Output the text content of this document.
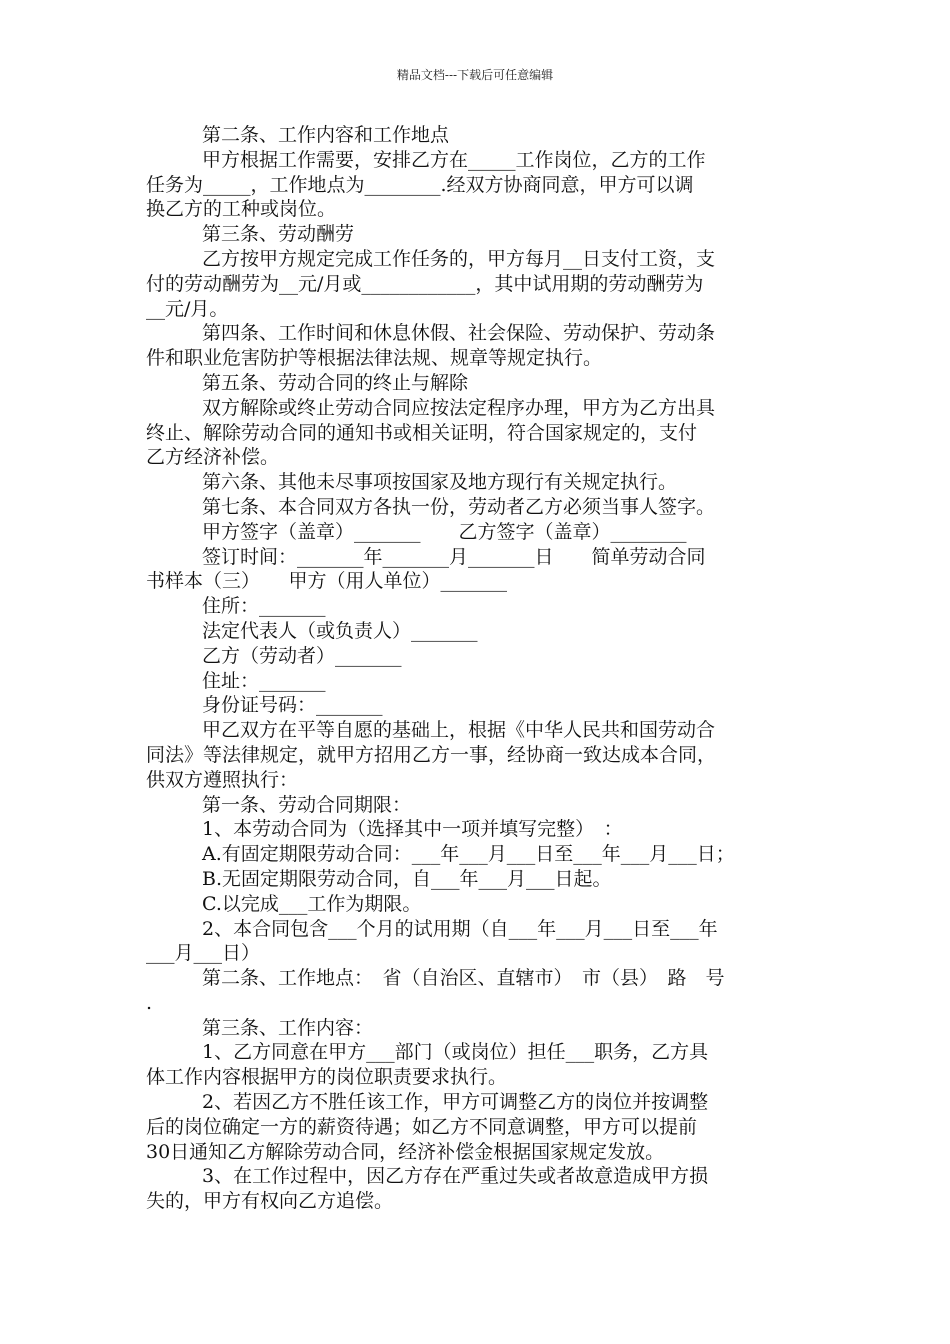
精品文档---下载后可任意编辑

第二条、工作内容和工作地点

甲方根据工作需要，安排乙方在_____工作岗位，乙方的工作

任务为_____，工作地点为________.经双方协商同意，甲方可以调

换乙方的工种或岗位。

第三条、劳动酬劳

乙方按甲方规定完成工作任务的，甲方每月__日支付工资，支

付的劳动酬劳为__元/月或____________，其中试用期的劳动酬劳为

__元/月。

第四条、工作时间和休息休假、社会保险、劳动保护、劳动条

件和职业危害防护等根据法律法规、规章等规定执行。

第五条、劳动合同的终止与解除

双方解除或终止劳动合同应按法定程序办理，甲方为乙方出具

终止、解除劳动合同的通知书或相关证明，符合国家规定的，支付

乙方经济补偿。

第六条、其他未尽事项按国家及地方现行有关规定执行。

第七条、本合同双方各执一份，劳动者乙方必须当事人签字。

甲方签字（盖章）_______　　乙方签字（盖章）________

签订时间：_______年_______月_______日　　简单劳动合同

书样本（三）　　甲方（用人单位）_______

住所：_______

法定代表人（或负责人）_______

乙方（劳动者）_______

住址：_______

身份证号码：_______

甲乙双方在平等自愿的基础上，根据《中华人民共和国劳动合

同法》等法律规定，就甲方招用乙方一事，经协商一致达成本合同，

供双方遵照执行：

第一条、劳动合同期限：

1、本劳动合同为（选择其中一项并填写完整）　：

A.有固定期限劳动合同：___年___月___日至___年___月___日；

B.无固定期限劳动合同，自___年___月___日起。

C.以完成___工作为期限。

2、本合同包含___个月的试用期（自___年___月___日至___年

___月___日）

第二条、工作地点：　省（自治区、直辖市）　市（县）　路　号

.

第三条、工作内容：

1、乙方同意在甲方___部门（或岗位）担任___职务，乙方具

体工作内容根据甲方的岗位职责要求执行。

2、若因乙方不胜任该工作，甲方可调整乙方的岗位并按调整

后的岗位确定一方的薪资待遇；如乙方不同意调整，甲方可以提前

30日通知乙方解除劳动合同，经济补偿金根据国家规定发放。

3、在工作过程中，因乙方存在严重过失或者故意造成甲方损

失的，甲方有权向乙方追偿。
